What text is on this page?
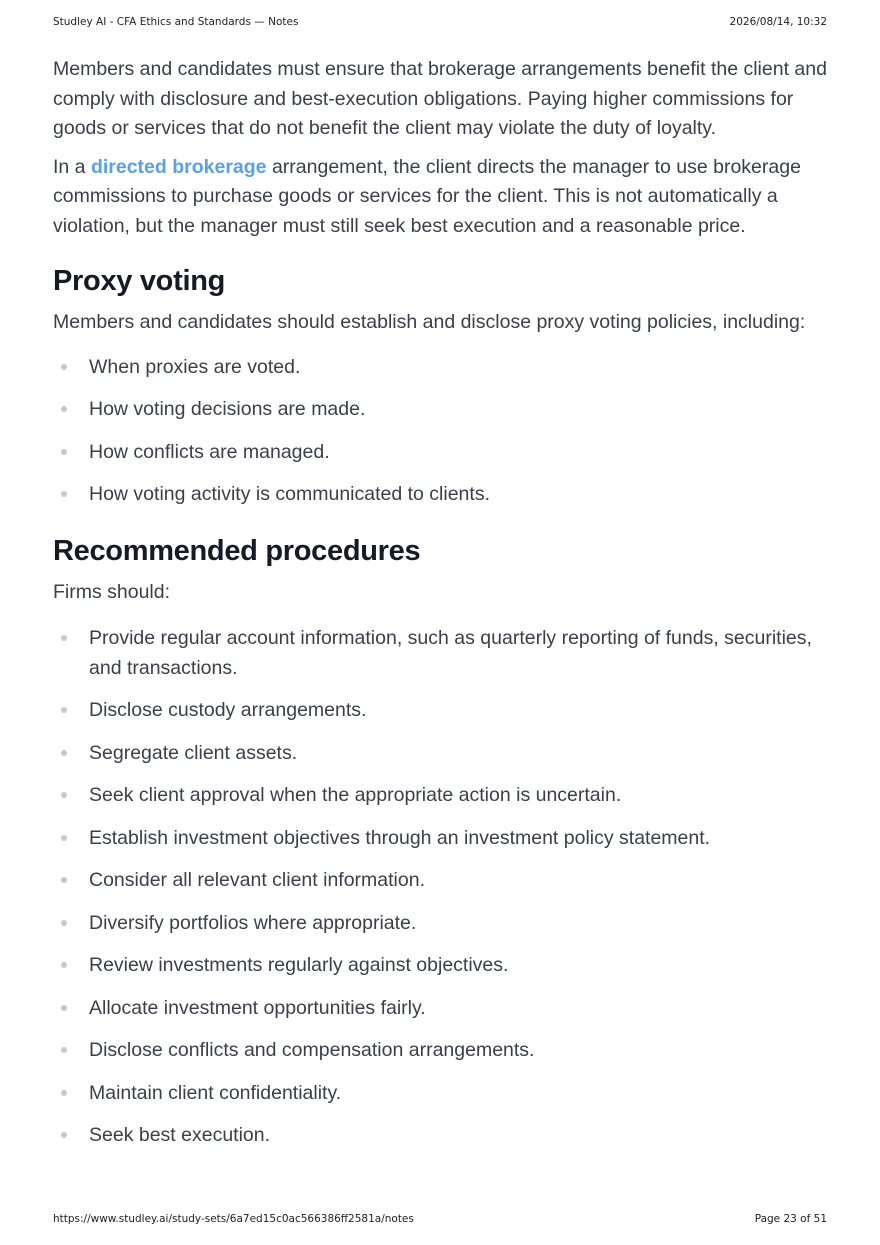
Studley AI - CFA Ethics and Standards — Notes	2026/08/14, 10:32

Members and candidates must ensure that brokerage arrangements benefit the client and comply with disclosure and best-execution obligations. Paying higher commissions for goods or services that do not benefit the client may violate the duty of loyalty.

In a directed brokerage arrangement, the client directs the manager to use brokerage commissions to purchase goods or services for the client. This is not automatically a violation, but the manager must still seek best execution and a reasonable price.

Proxy voting

Members and candidates should establish and disclose proxy voting policies, including:

When proxies are voted.
How voting decisions are made.
How conflicts are managed.
How voting activity is communicated to clients.
Recommended procedures

Firms should:

Provide regular account information, such as quarterly reporting of funds, securities, and transactions.
Disclose custody arrangements.
Segregate client assets.
Seek client approval when the appropriate action is uncertain.
Establish investment objectives through an investment policy statement.
Consider all relevant client information.
Diversify portfolios where appropriate.
Review investments regularly against objectives.
Allocate investment opportunities fairly.
Disclose conflicts and compensation arrangements.
Maintain client confidentiality.
Seek best execution.
https://www.studley.ai/study-sets/6a7ed15c0ac566386ff2581a/notes	Page 23 of 51
